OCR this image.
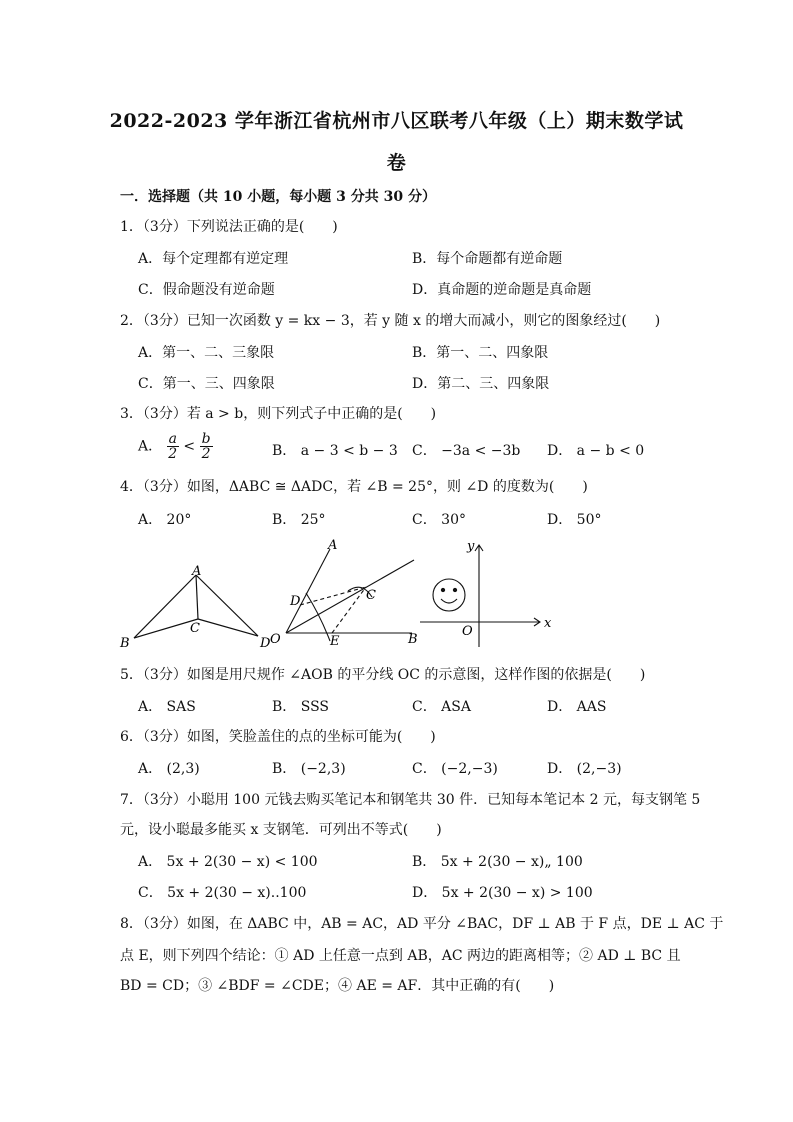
2022-2023 学年浙江省杭州市八区联考八年级（上）期末数学试
卷
一．选择题（共 10 小题，每小题 3 分共 30 分）
1．（3分）下列说法正确的是(　　)
A．每个定理都有逆定理	B．每个命题都有逆命题
C．假命题没有逆命题	D．真命题的逆命题是真命题
2．（3分）已知一次函数 y = kx − 3，若 y 随 x 的增大而减小，则它的图象经过(　　)
A．第一、二、三象限	B．第一、二、四象限
C．第一、三、四象限	D．第二、三、四象限
3．（3分）若 a > b，则下列式子中正确的是(　　)
A． $\frac{a}{2} < \frac{b}{2}$	B． a − 3 < b − 3 C． −3a < −3b D． a − b < 0
4．（3分）如图，ΔABC ≅ ΔADC，若 ∠B = 25°，则 ∠D 的度数为(　　)
A． 20°	B． 25°	C． 30°	D． 50°
A
B
C
D
A
D	C
O	E	B
y
x
O
5．（3分）如图是用尺规作 ∠AOB 的平分线 OC 的示意图，这样作图的依据是(　　)
A． SAS	B． SSS	C． ASA	D． AAS
6．（3分）如图，笑脸盖住的点的坐标可能为(　　)
A． (2,3)	B． (−2,3)	C． (−2,−3)	D． (2,−3)
7．（3分）小聪用 100 元钱去购买笔记本和钢笔共 30 件．已知每本笔记本 2 元，每支钢笔 5
元，设小聪最多能买 x 支钢笔．可列出不等式(　　)
A． 5x + 2(30 − x) < 100	B． 5x + 2(30 − x)„ 100
C． 5x + 2(30 − x)..100	D． 5x + 2(30 − x) > 100
8．（3分）如图，在 ΔABC 中，AB = AC，AD 平分 ∠BAC，DF ⊥ AB 于 F 点，DE ⊥ AC 于
点 E，则下列四个结论：① AD 上任意一点到 AB，AC 两边的距离相等；② AD ⊥ BC 且
BD = CD；③ ∠BDF = ∠CDE；④ AE = AF．其中正确的有(　　)
